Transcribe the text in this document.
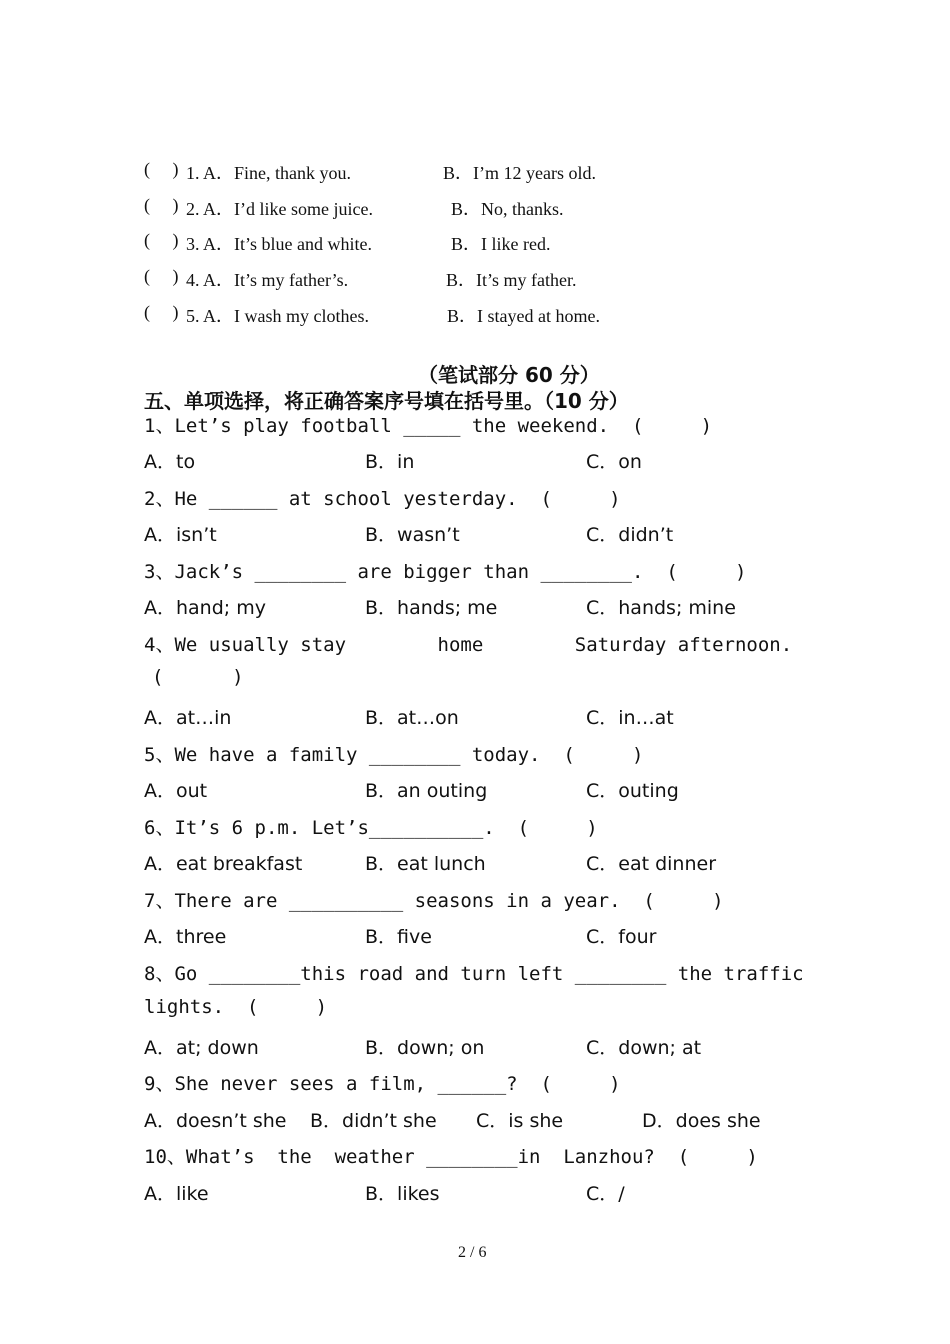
(     ) 1. A．Fine, thank you.	B．I’m 12 years old.
(     ) 2. A．I’d like some juice.	B．No, thanks.
(     ) 3. A．It’s blue and white.	B．I like red.
(     ) 4. A．It’s my father’s.	B．It’s my father.
(     ) 5. A．I wash my clothes.	B．I stayed at home.
（笔试部分 60 分）
五、单项选择，将正确答案序号填在括号里。（10 分）
1、Let’s play football _____ the weekend.  (     )
A．to	B．in	C．on
2、He ______ at school yesterday.  (     )
A．isn’t	B．wasn’t	C．didn’t
3、Jack’s ________ are bigger than ________.  (     )
A．hand; my	B．hands; me	C．hands; mine
4、We usually stay        home        Saturday afternoon.
(      )
A．at…in	B．at…on	C．in…at
5、We have a family ________ today.  (     )
A．out	B．an outing	C．outing
6、It’s 6 p.m. Let’s__________.  (     )
A．eat breakfast	B．eat lunch	C．eat dinner
7、There are __________ seasons in a year.  (     )
A．three	B．five	C．four
8、Go ________this road and turn left ________ the traffic
lights.  (     )
A．at; down	B．down; on	C．down; at
9、She never sees a film, ______?  (     )
A．doesn’t she B．didn’t she C．is she	D．does she
10、What’s  the  weather ________in  Lanzhou?  (     )
A．like	B．likes	C．/
2 / 6
